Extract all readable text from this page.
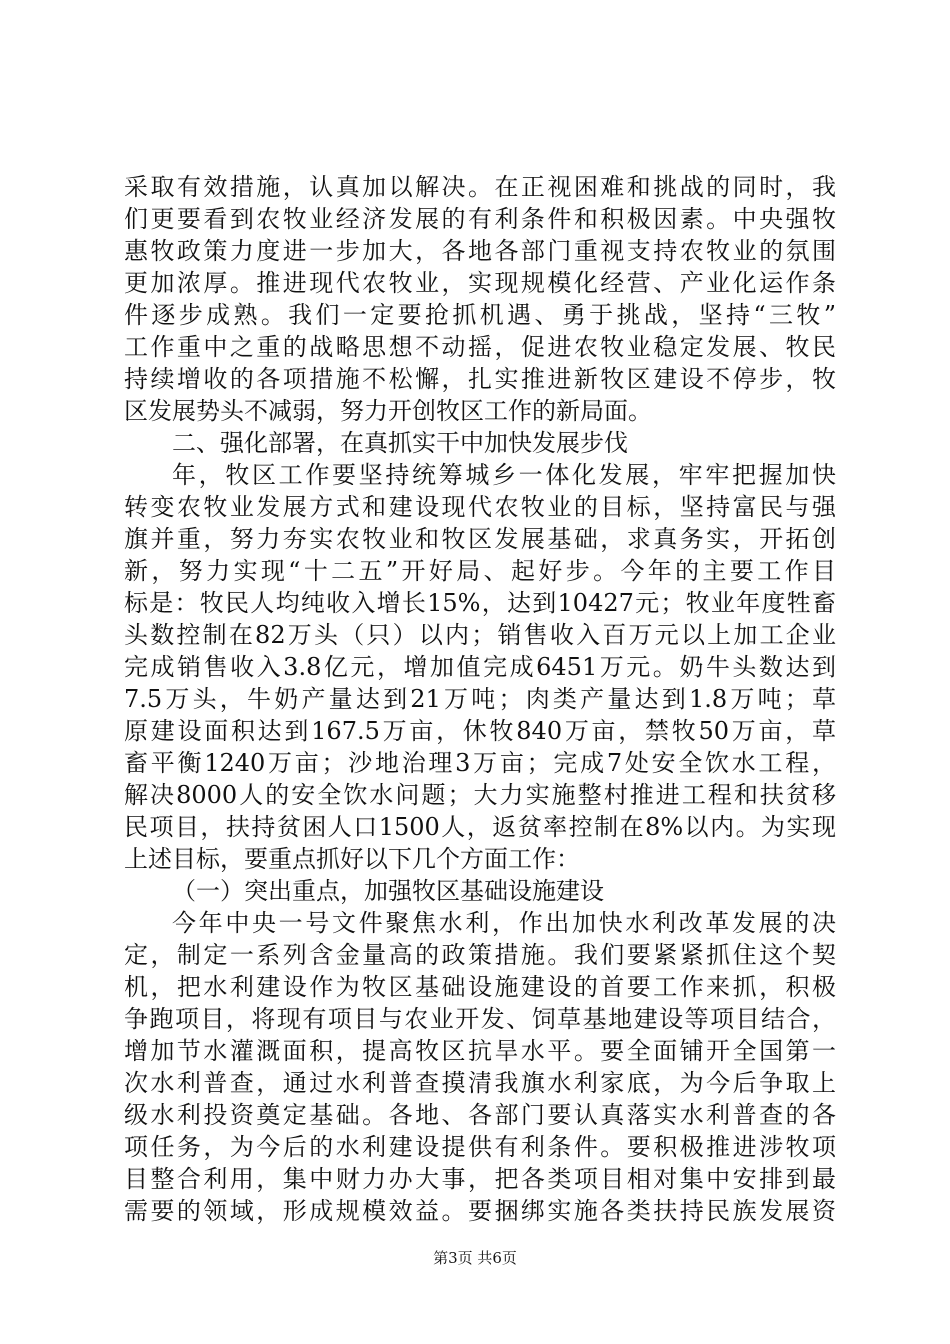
采取有效措施，认真加以解决。在正视困难和挑战的同时，我
们更要看到农牧业经济发展的有利条件和积极因素。中央强牧
惠牧政策力度进一步加大，各地各部门重视支持农牧业的氛围
更加浓厚。推进现代农牧业，实现规模化经营、产业化运作条
件逐步成熟。我们一定要抢抓机遇、勇于挑战，坚持“三牧”
工作重中之重的战略思想不动摇，促进农牧业稳定发展、牧民
持续增收的各项措施不松懈，扎实推进新牧区建设不停步，牧
区发展势头不减弱，努力开创牧区工作的新局面。
二、强化部署，在真抓实干中加快发展步伐
年，牧区工作要坚持统筹城乡一体化发展，牢牢把握加快
转变农牧业发展方式和建设现代农牧业的目标，坚持富民与强
旗并重，努力夯实农牧业和牧区发展基础，求真务实，开拓创
新，努力实现“十二五”开好局、起好步。今年的主要工作目
标是：牧民人均纯收入增长15%，达到10427元；牧业年度牲畜
头数控制在82万头（只）以内；销售收入百万元以上加工企业
完成销售收入3.8亿元，增加值完成6451万元。奶牛头数达到
7.5万头，牛奶产量达到21万吨；肉类产量达到1.8万吨；草
原建设面积达到167.5万亩，休牧840万亩，禁牧50万亩，草
畜平衡1240万亩；沙地治理3万亩；完成7处安全饮水工程，
解决8000人的安全饮水问题；大力实施整村推进工程和扶贫移
民项目，扶持贫困人口1500人，返贫率控制在8%以内。为实现
上述目标，要重点抓好以下几个方面工作：
（一）突出重点，加强牧区基础设施建设
今年中央一号文件聚焦水利，作出加快水利改革发展的决
定，制定一系列含金量高的政策措施。我们要紧紧抓住这个契
机，把水利建设作为牧区基础设施建设的首要工作来抓，积极
争跑项目，将现有项目与农业开发、饲草基地建设等项目结合，
增加节水灌溉面积，提高牧区抗旱水平。要全面铺开全国第一
次水利普查，通过水利普查摸清我旗水利家底，为今后争取上
级水利投资奠定基础。各地、各部门要认真落实水利普查的各
项任务，为今后的水利建设提供有利条件。要积极推进涉牧项
目整合利用，集中财力办大事，把各类项目相对集中安排到最
需要的领域，形成规模效益。要捆绑实施各类扶持民族发展资
第3页 共6页
